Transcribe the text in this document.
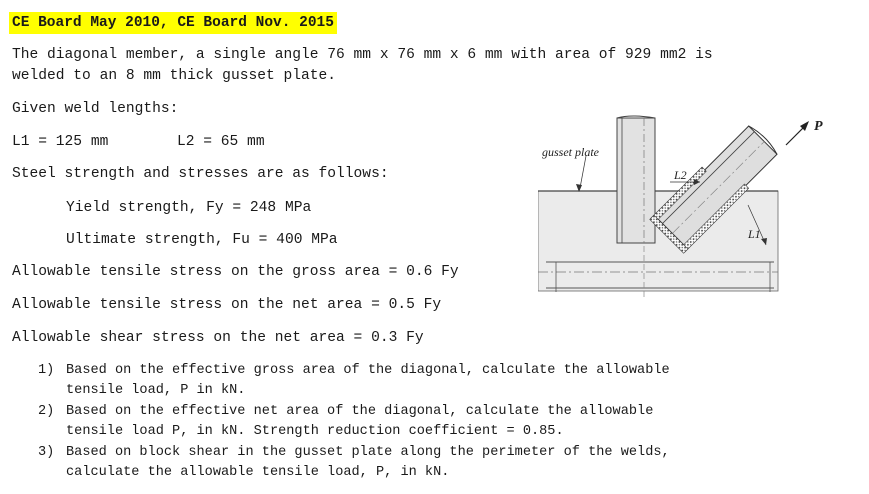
CE Board May 2010, CE Board Nov. 2015
The diagonal member, a single angle 76 mm x 76 mm x 6 mm with area of 929 mm2 is
welded to an 8 mm thick gusset plate.
Given weld lengths:
L1 = 125 mm	L2 = 65 mm
Steel strength and stresses are as follows:
Yield strength, Fy = 248 MPa
Ultimate strength, Fu = 400 MPa
Allowable tensile stress on the gross area = 0.6 Fy
Allowable tensile stress on the net area = 0.5 Fy
Allowable shear stress on the net area = 0.3 Fy
1) Based on the effective gross area of the diagonal, calculate the allowable
tensile load, P in kN.
2) Based on the effective net area of the diagonal, calculate the allowable
tensile load P, in kN. Strength reduction coefficient = 0.85.
3) Based on block shear in the gusset plate along the perimeter of the welds,
calculate the allowable tensile load, P, in kN.
gusset plate
L2
L1
P
